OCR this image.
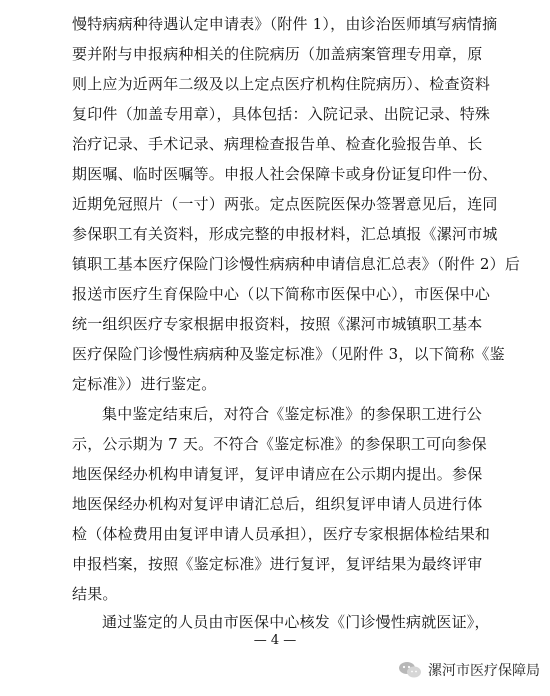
慢特病病种待遇认定申请表》（附件 1），由诊治医师填写病情摘
要并附与申报病种相关的住院病历（加盖病案管理专用章，原
则上应为近两年二级及以上定点医疗机构住院病历）、检查资料
复印件（加盖专用章），具体包括：入院记录、出院记录、特殊
治疗记录、手术记录、病理检查报告单、检查化验报告单、长
期医嘱、临时医嘱等。申报人社会保障卡或身份证复印件一份、
近期免冠照片（一寸）两张。定点医院医保办签署意见后，连同
参保职工有关资料，形成完整的申报材料，汇总填报《漯河市城
镇职工基本医疗保险门诊慢性病病种申请信息汇总表》（附件 2）后
报送市医疗生育保险中心（以下简称市医保中心），市医保中心
统一组织医疗专家根据申报资料，按照《漯河市城镇职工基本
医疗保险门诊慢性病病种及鉴定标准》（见附件 3，以下简称《鉴
定标准》）进行鉴定。
集中鉴定结束后，对符合《鉴定标准》的参保职工进行公
示，公示期为 7 天。不符合《鉴定标准》的参保职工可向参保
地医保经办机构申请复评，复评申请应在公示期内提出。参保
地医保经办机构对复评申请汇总后，组织复评申请人员进行体
检（体检费用由复评申请人员承担），医疗专家根据体检结果和
申报档案，按照《鉴定标准》进行复评，复评结果为最终评审
结果。
通过鉴定的人员由市医保中心核发《门诊慢性病就医证》，
— 4 —
漯河市医疗保障局
